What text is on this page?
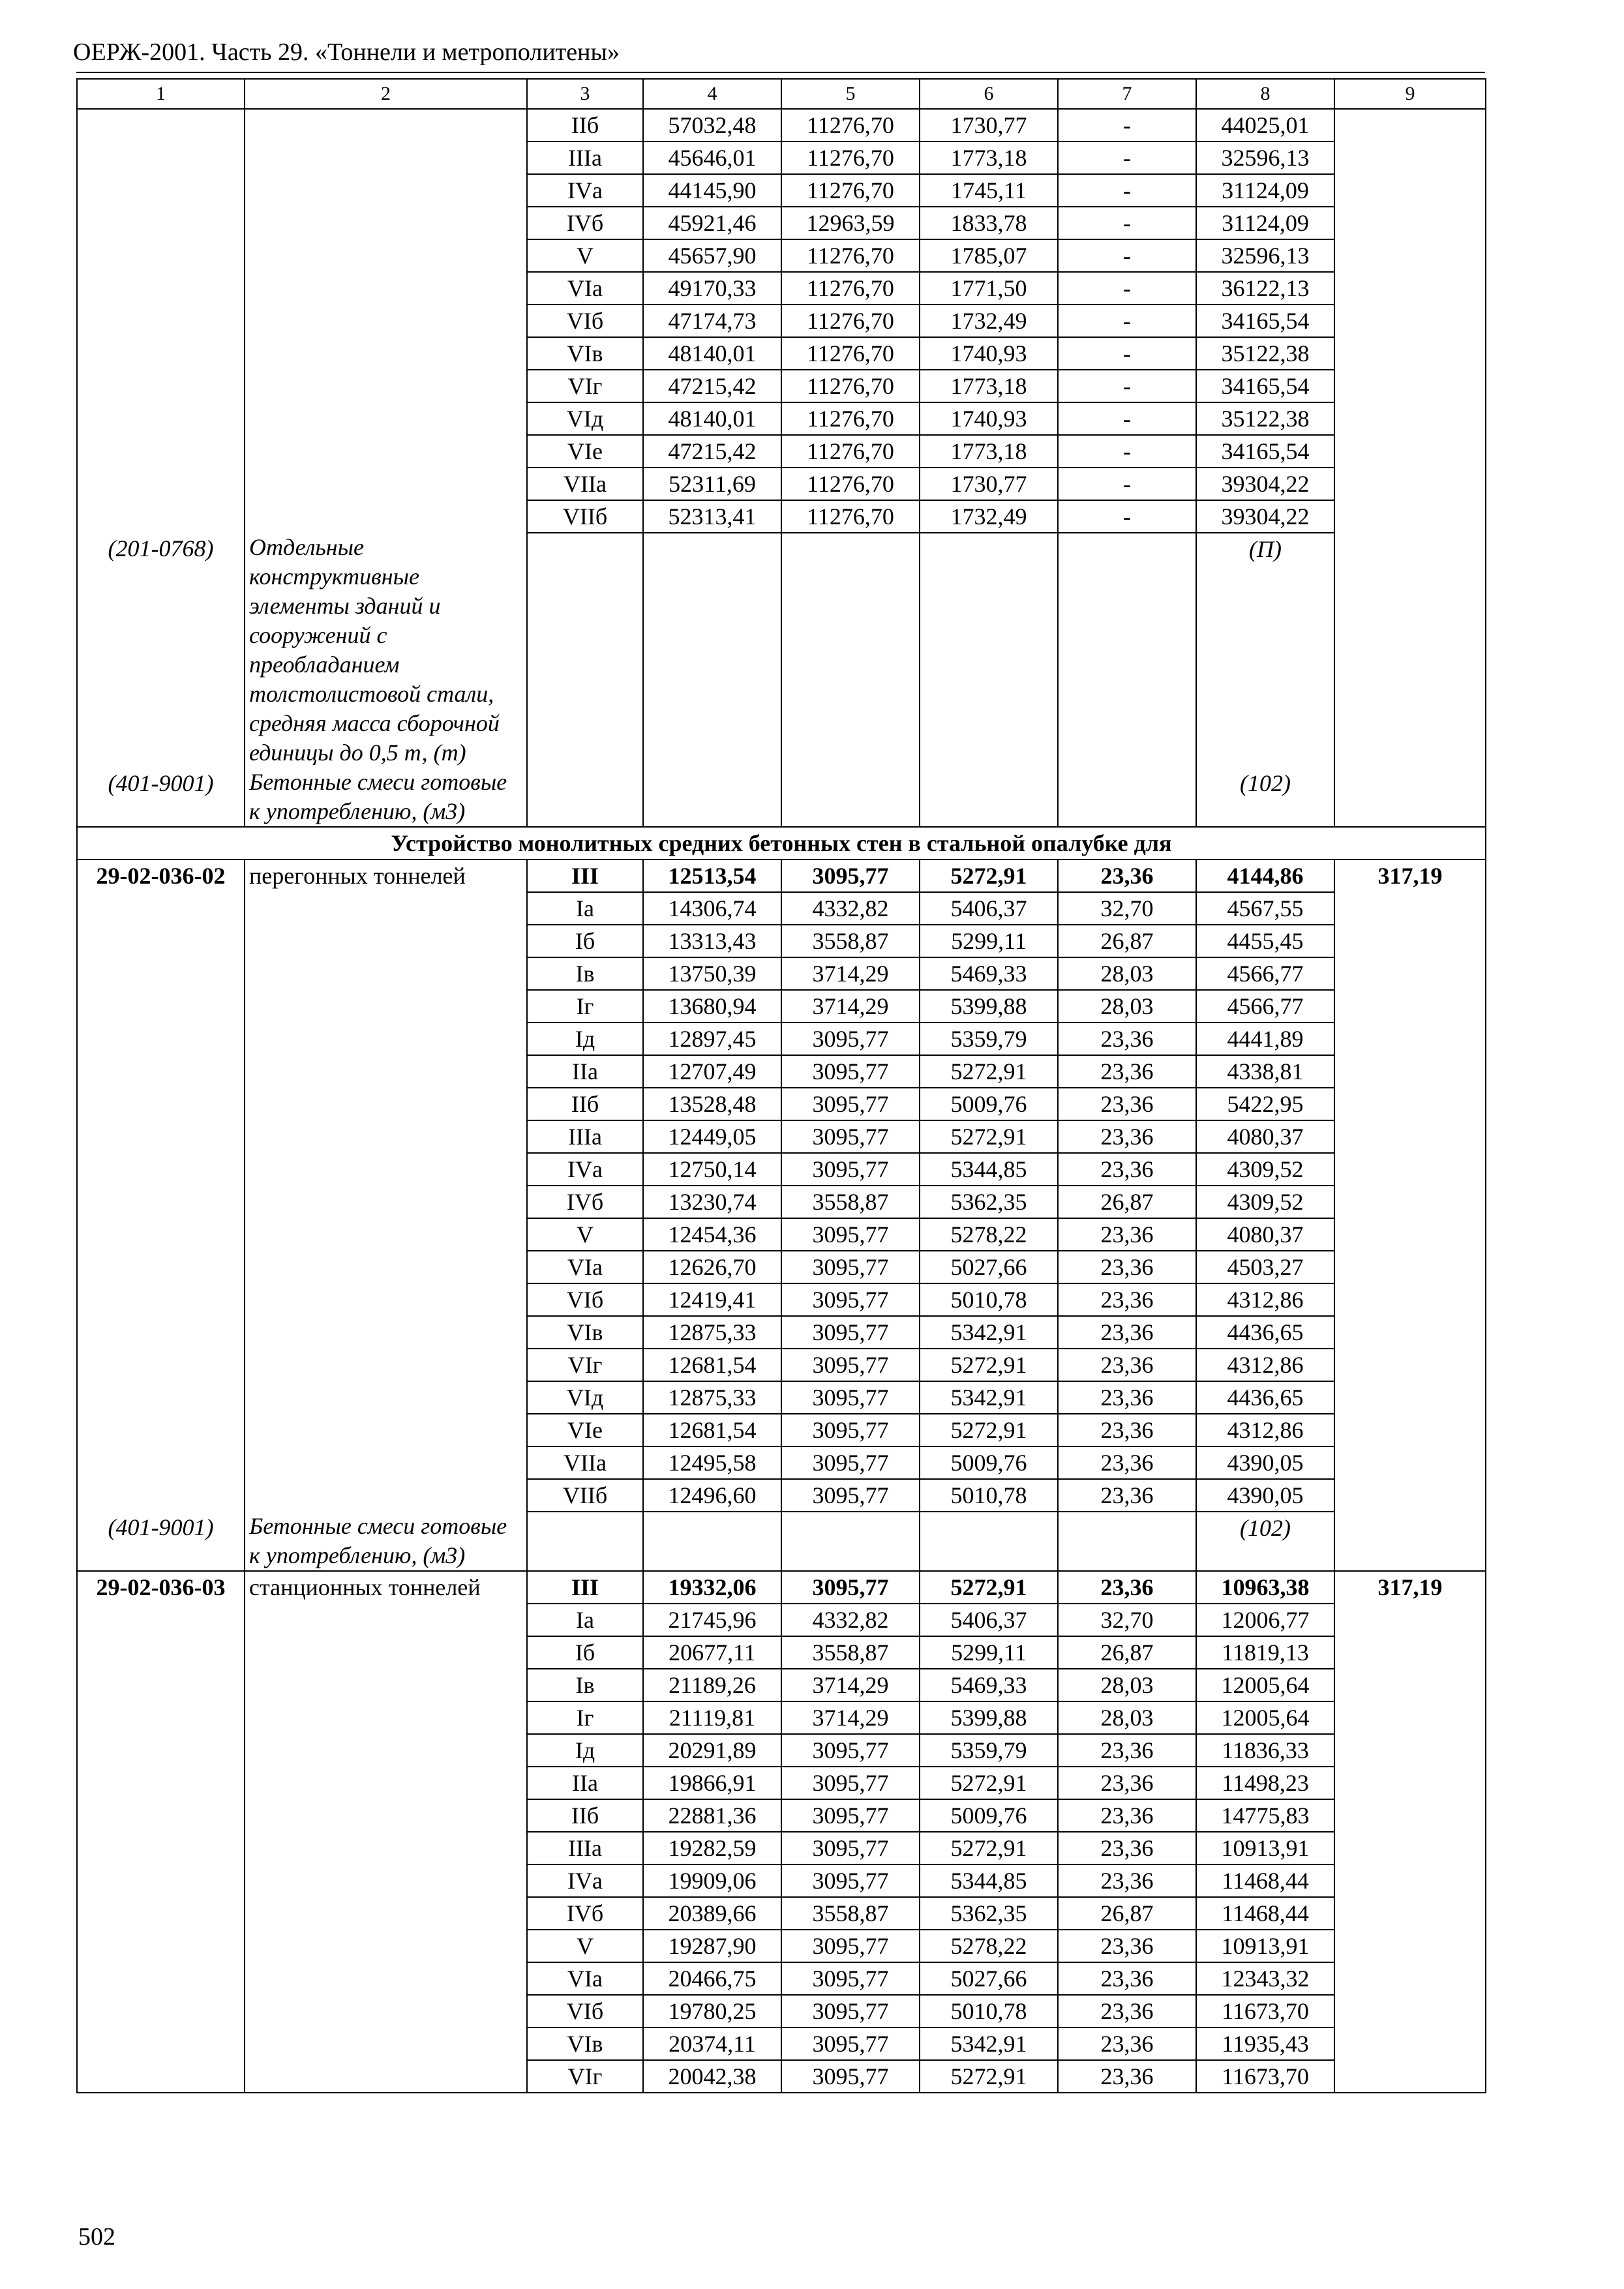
ОЕРЖ-2001. Часть 29. «Тоннели и метрополитены»
1	2	3	4	5	6	7	8	9
		IIб	57032,48	11276,70	1730,77	-	44025,01	
		IIIа	45646,01	11276,70	1773,18	-	32596,13	
		IVа	44145,90	11276,70	1745,11	-	31124,09	
		IVб	45921,46	12963,59	1833,78	-	31124,09	
		V	45657,90	11276,70	1785,07	-	32596,13	
		VIа	49170,33	11276,70	1771,50	-	36122,13	
		VIб	47174,73	11276,70	1732,49	-	34165,54	
		VIв	48140,01	11276,70	1740,93	-	35122,38	
		VIг	47215,42	11276,70	1773,18	-	34165,54	
		VIд	48140,01	11276,70	1740,93	-	35122,38	
		VIе	47215,42	11276,70	1773,18	-	34165,54	
		VIIа	52311,69	11276,70	1730,77	-	39304,22	
		VIIб	52313,41	11276,70	1732,49	-	39304,22	
(201-0768)	Отдельные конструктивные элементы зданий и сооружений с преобладанием толстолистовой стали, средняя масса сборочной единицы до 0,5 т, (т)						(П)	
(401-9001)	Бетонные смеси готовые к употреблению, (м3)						(102)	
Устройство монолитных средних бетонных стен в стальной опалубке для								
29-02-036-02	перегонных тоннелей	III	12513,54	3095,77	5272,91	23,36	4144,86	317,19
		Iа	14306,74	4332,82	5406,37	32,70	4567,55	
		Iб	13313,43	3558,87	5299,11	26,87	4455,45	
		Iв	13750,39	3714,29	5469,33	28,03	4566,77	
		Iг	13680,94	3714,29	5399,88	28,03	4566,77	
		Iд	12897,45	3095,77	5359,79	23,36	4441,89	
		IIа	12707,49	3095,77	5272,91	23,36	4338,81	
		IIб	13528,48	3095,77	5009,76	23,36	5422,95	
		IIIа	12449,05	3095,77	5272,91	23,36	4080,37	
		IVа	12750,14	3095,77	5344,85	23,36	4309,52	
		IVб	13230,74	3558,87	5362,35	26,87	4309,52	
		V	12454,36	3095,77	5278,22	23,36	4080,37	
		VIа	12626,70	3095,77	5027,66	23,36	4503,27	
		VIб	12419,41	3095,77	5010,78	23,36	4312,86	
		VIв	12875,33	3095,77	5342,91	23,36	4436,65	
		VIг	12681,54	3095,77	5272,91	23,36	4312,86	
		VIд	12875,33	3095,77	5342,91	23,36	4436,65	
		VIе	12681,54	3095,77	5272,91	23,36	4312,86	
		VIIа	12495,58	3095,77	5009,76	23,36	4390,05	
		VIIб	12496,60	3095,77	5010,78	23,36	4390,05	
(401-9001)	Бетонные смеси готовые к употреблению, (м3)						(102)	
29-02-036-03	станционных тоннелей	III	19332,06	3095,77	5272,91	23,36	10963,38	317,19
		Iа	21745,96	4332,82	5406,37	32,70	12006,77	
		Iб	20677,11	3558,87	5299,11	26,87	11819,13	
		Iв	21189,26	3714,29	5469,33	28,03	12005,64	
		Iг	21119,81	3714,29	5399,88	28,03	12005,64	
		Iд	20291,89	3095,77	5359,79	23,36	11836,33	
		IIа	19866,91	3095,77	5272,91	23,36	11498,23	
		IIб	22881,36	3095,77	5009,76	23,36	14775,83	
		IIIа	19282,59	3095,77	5272,91	23,36	10913,91	
		IVа	19909,06	3095,77	5344,85	23,36	11468,44	
		IVб	20389,66	3558,87	5362,35	26,87	11468,44	
		V	19287,90	3095,77	5278,22	23,36	10913,91	
		VIа	20466,75	3095,77	5027,66	23,36	12343,32	
		VIб	19780,25	3095,77	5010,78	23,36	11673,70	
		VIв	20374,11	3095,77	5342,91	23,36	11935,43	
		VIг	20042,38	3095,77	5272,91	23,36	11673,70	
502
